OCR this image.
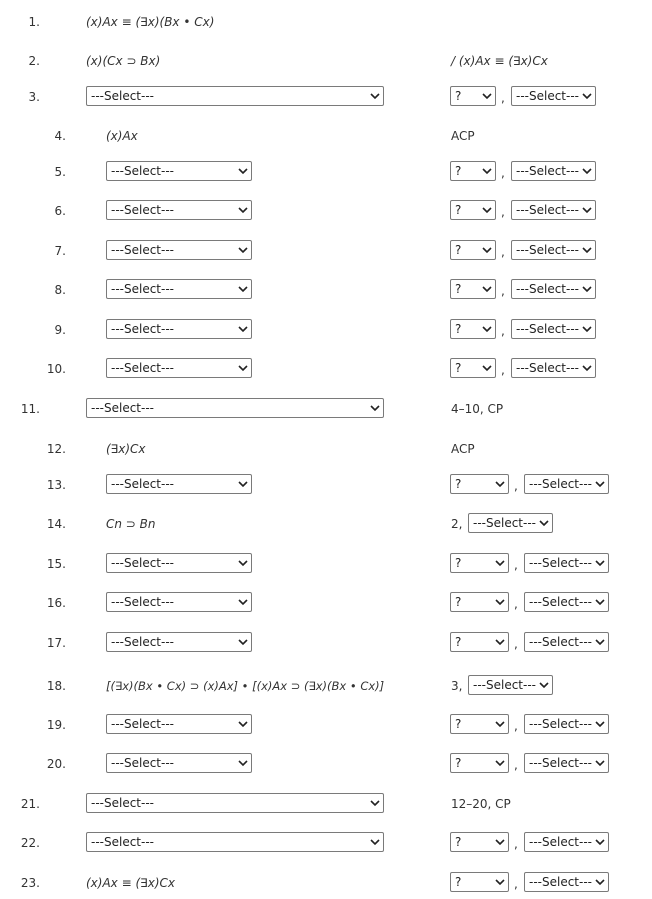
1.	(x)Ax ≡ (∃x)(Bx • Cx)
2.	(x)(Cx ⊃ Bx)	/ (x)Ax ≡ (∃x)Cx
3.	---Select---	?	, ---Select---
4.	(x)Ax	ACP
5.	---Select---	?	, ---Select---
6.	---Select---	?	, ---Select---
7.	---Select---	?	, ---Select---
8.	---Select---	?	, ---Select---
9.	---Select---	?	, ---Select---
10.	---Select---	?	, ---Select---
11.	---Select---	4–10, CP
12.	(∃x)Cx	ACP
13.	---Select---	?	, ---Select---
14.	Cn ⊃ Bn	2, ---Select---
15.	---Select---	?	, ---Select---
16.	---Select---	?	, ---Select---
17.	---Select---	?	, ---Select---
18.	[(∃x)(Bx • Cx) ⊃ (x)Ax] • [(x)Ax ⊃ (∃x)(Bx • Cx)]	3, ---Select---
19.	---Select---	?	, ---Select---
20.	---Select---	?	, ---Select---
21.	---Select---	12–20, CP
22.	---Select---	?	, ---Select---
23.	(x)Ax ≡ (∃x)Cx	?	, ---Select---
